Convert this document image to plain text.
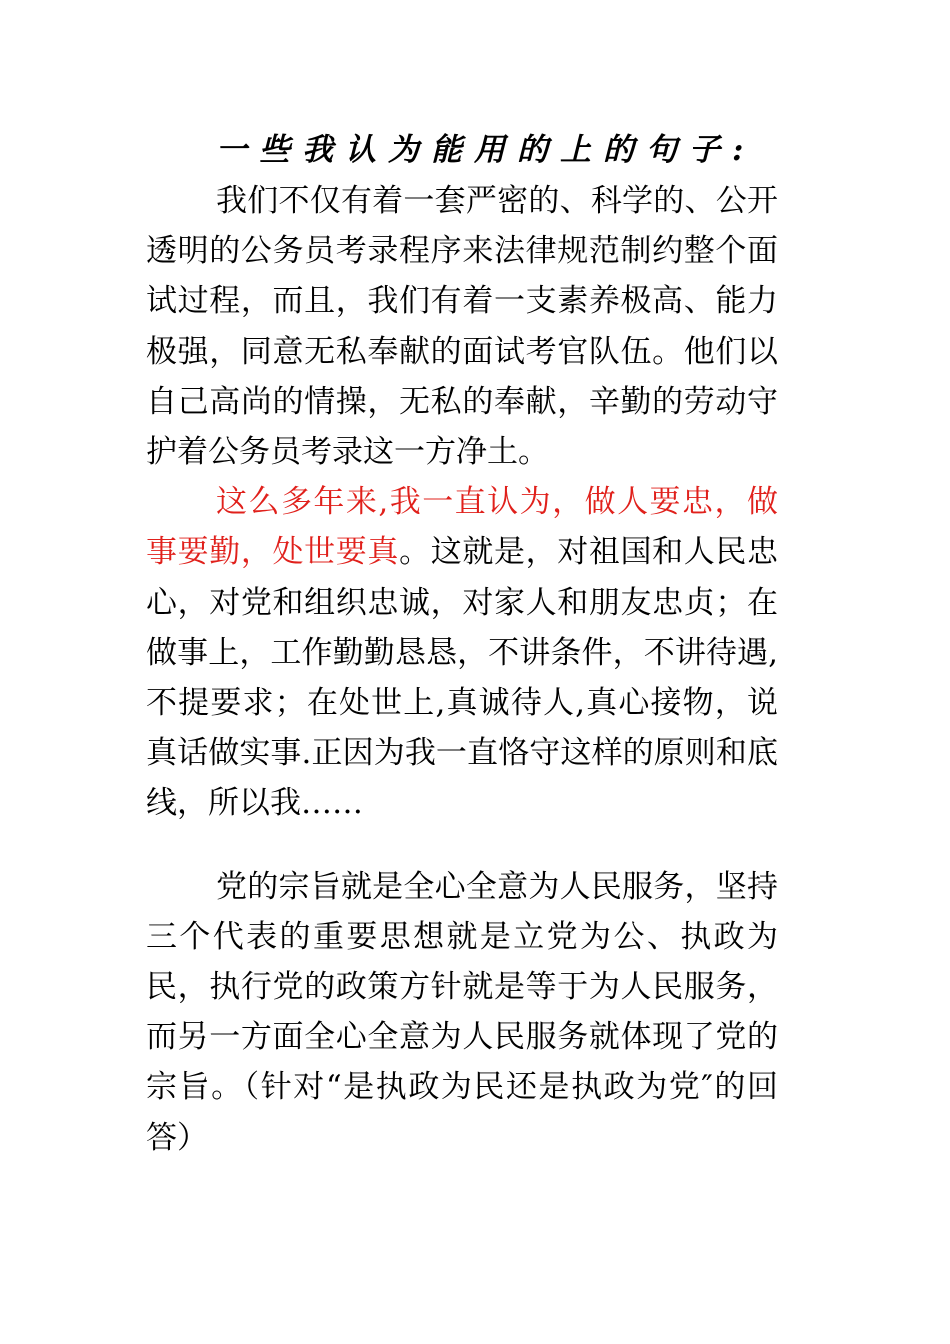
一些我认为能用的上的句子:

我们不仅有着一套严密的、科学的、公开透明的公务员考录程序来法律规范制约整个面试过程，而且，我们有着一支素养极高、能力极强，同意无私奉献的面试考官队伍。他们以自己高尚的情操，无私的奉献，辛勤的劳动守护着公务员考录这一方净土。

这么多年来,我一直认为，做人要忠，做事要勤，处世要真。这就是，对祖国和人民忠心，对党和组织忠诚，对家人和朋友忠贞；在做事上，工作勤勤恳恳，不讲条件，不讲待遇,不提要求；在处世上,真诚待人,真心接物，说真话做实事.正因为我一直恪守这样的原则和底线，所以我……

党的宗旨就是全心全意为人民服务，坚持三个代表的重要思想就是立党为公、执政为民，执行党的政策方针就是等于为人民服务，而另一方面全心全意为人民服务就体现了党的宗旨。（针对“是执政为民还是执政为党″的回答）
